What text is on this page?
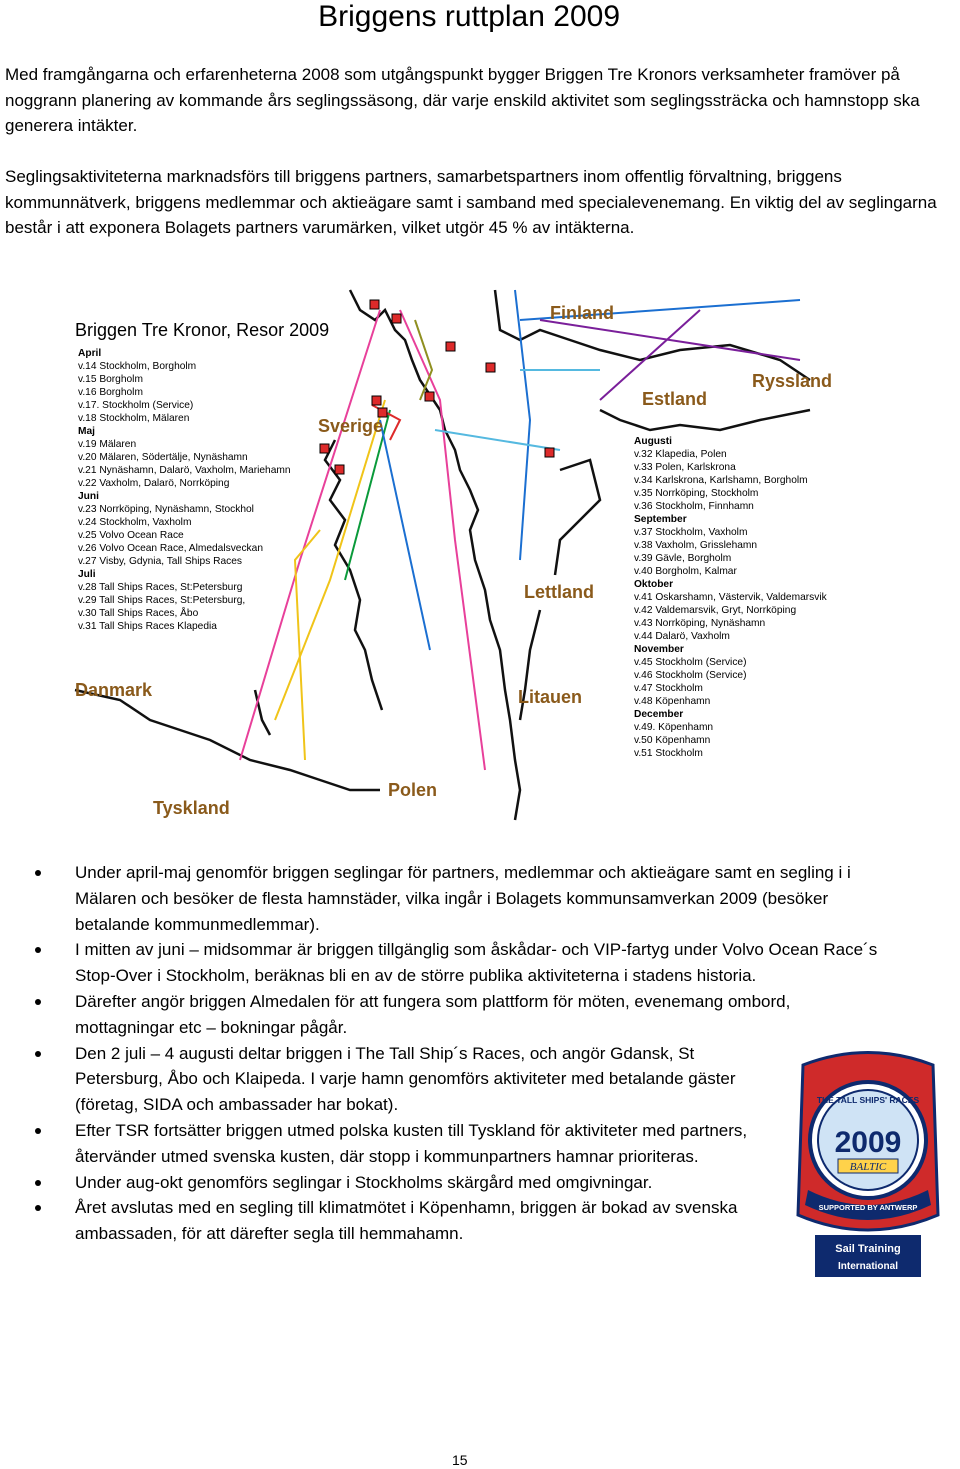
Briggens ruttplan 2009

Med framgångarna och erfarenheterna 2008 som utgångspunkt bygger Briggen Tre Kronors verksamheter framöver på noggrann planering av kommande års seglingssäsong, där varje enskild aktivitet som seglingssträcka och hamnstopp ska generera intäkter.

Seglingsaktiviteterna marknadsförs till briggens partners, samarbetspartners inom offentlig förvaltning, briggens kommunnätverk, briggens medlemmar och aktieägare samt i samband med specialevenemang. En viktig del av seglingarna består i att exponera Bolagets partners varumärken, vilket utgör 45 % av intäkterna.

Briggen Tre Kronor, Resor 2009
April
v.14 Stockholm, Borgholm
v.15 Borgholm
v.16 Borgholm
v.17. Stockholm (Service)
v.18 Stockholm, Mälaren
Maj
v.19 Mälaren
v.20 Mälaren, Södertälje, Nynäshamn
v.21 Nynäshamn, Dalarö, Vaxholm, Mariehamn
v.22 Vaxholm, Dalarö, Norrköping
Juni
v.23 Norrköping, Nynäshamn, Stockhol
v.24 Stockholm, Vaxholm
v.25 Volvo Ocean Race
v.26 Volvo Ocean Race, Almedalsveckan
v.27 Visby, Gdynia, Tall Ships Races
Juli
v.28 Tall Ships Races, St:Petersburg
v.29 Tall Ships Races, St:Petersburg,
v.30 Tall Ships Races, Åbo
v.31 Tall Ships Races Klapedia
Augusti
v.32 Klapedia, Polen
v.33 Polen, Karlskrona
v.34 Karlskrona, Karlshamn, Borgholm
v.35 Norrköping, Stockholm
v.36 Stockholm, Finnhamn
September
v.37 Stockholm, Vaxholm
v.38 Vaxholm, Grisslehamn
v.39 Gävle, Borgholm
v.40 Borgholm, Kalmar
Oktober
v.41 Oskarshamn, Västervik, Valdemarsvik
v.42 Valdemarsvik, Gryt, Norrköping
v.43 Norrköping, Nynäshamn
v.44 Dalarö, Vaxholm
November
v.45 Stockholm (Service)
v.46 Stockholm (Service)
v.47 Stockholm
v.48 Köpenhamn
December
v.49. Köpenhamn
v.50 Köpenhamn
v.51 Stockholm
Finland
Ryssland
Estland
Sverige
Lettland
Litauen
Danmark
Tyskland
Polen
Under april-maj genomför briggen seglingar för partners, medlemmar och aktieägare samt en segling i i Mälaren och besöker de flesta hamnstäder, vilka ingår i Bolagets kommunsamverkan 2009 (besöker betalande kommunmedlemmar).
I mitten av juni – midsommar är briggen tillgänglig som åskådar- och VIP-fartyg under Volvo Ocean Race´s Stop-Over i Stockholm, beräknas bli en av de större publika aktiviteterna i stadens historia.
Därefter angör briggen Almedalen för att fungera som plattform för möten, evenemang ombord, mottagningar etc – bokningar pågår.
Den 2 juli – 4 augusti deltar briggen i The Tall Ship´s Races, och angör Gdansk, St Petersburg, Åbo och Klaipeda. I varje hamn genomförs aktiviteter med betalande gäster (företag, SIDA och ambassader har bokat).
Efter TSR fortsätter briggen utmed polska kusten till Tyskland för aktiviteter med partners, återvänder utmed svenska kusten, där stopp i kommunpartners hamnar prioriteras.
Under aug-okt genomförs seglingar i Stockholms skärgård med omgivningar.
Året avslutas med en segling till klimatmötet i Köpenhamn, briggen är bokad av svenska ambassaden, för att därefter segla till hemmahamn.
THE TALL SHIPS' RACES
2009
BALTIC
SUPPORTED BY ANTWERP
Sail Training
International
15
